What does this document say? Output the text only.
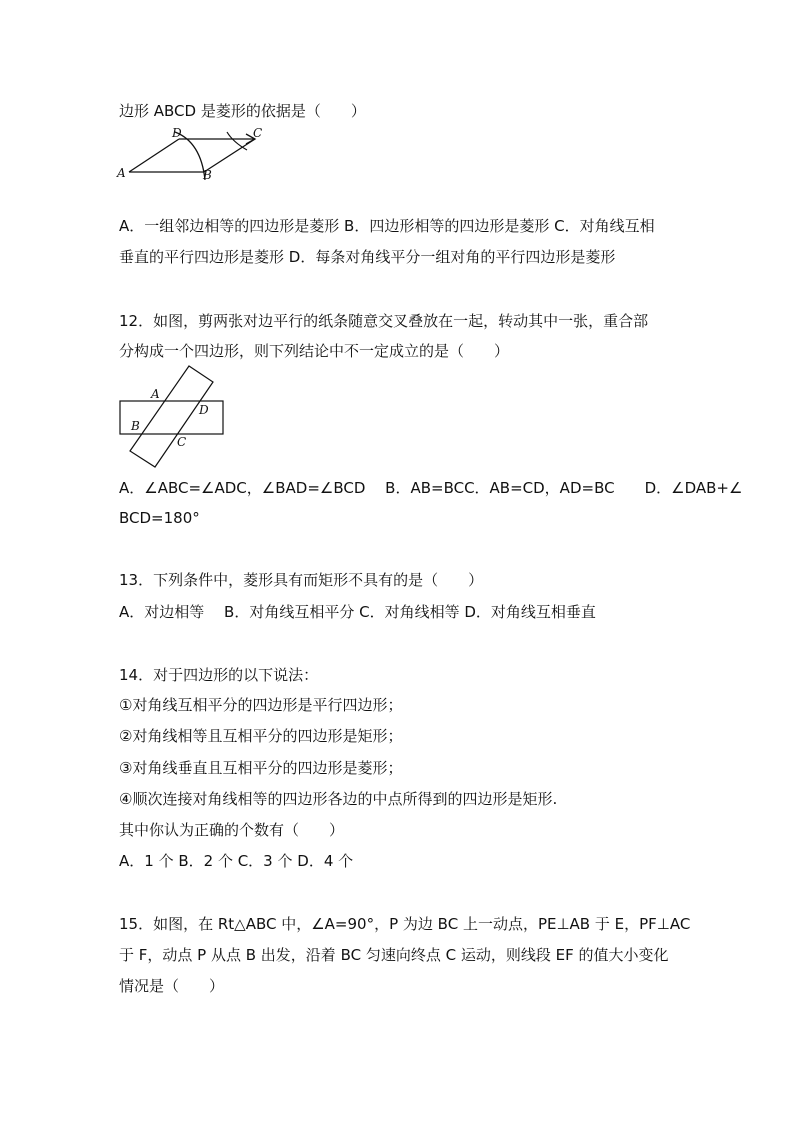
边形 ABCD 是菱形的依据是（　　）
A	B
C
D
A．一组邻边相等的四边形是菱形 B．四边形相等的四边形是菱形 C．对角线互相
垂直的平行四边形是菱形 D．每条对角线平分一组对角的平行四边形是菱形
12．如图，剪两张对边平行的纸条随意交叉叠放在一起，转动其中一张，重合部
分构成一个四边形，则下列结论中不一定成立的是（　　）
A
B
C
D
A．∠ABC=∠ADC，∠BAD=∠BCD　 B．AB=BCC．AB=CD，AD=BC　　D．∠DAB+∠
BCD=180°
13．下列条件中，菱形具有而矩形不具有的是（　　）
A．对边相等　 B．对角线互相平分 C．对角线相等 D．对角线互相垂直
14．对于四边形的以下说法：
①对角线互相平分的四边形是平行四边形；
②对角线相等且互相平分的四边形是矩形；
③对角线垂直且互相平分的四边形是菱形；
④顺次连接对角线相等的四边形各边的中点所得到的四边形是矩形.
其中你认为正确的个数有（　　）
A．1 个 B．2 个 C．3 个 D．4 个
15．如图，在 Rt△ABC 中，∠A=90°，P 为边 BC 上一动点，PE⊥AB 于 E，PF⊥AC
于 F，动点 P 从点 B 出发，沿着 BC 匀速向终点 C 运动，则线段 EF 的值大小变化
情况是（　　）
